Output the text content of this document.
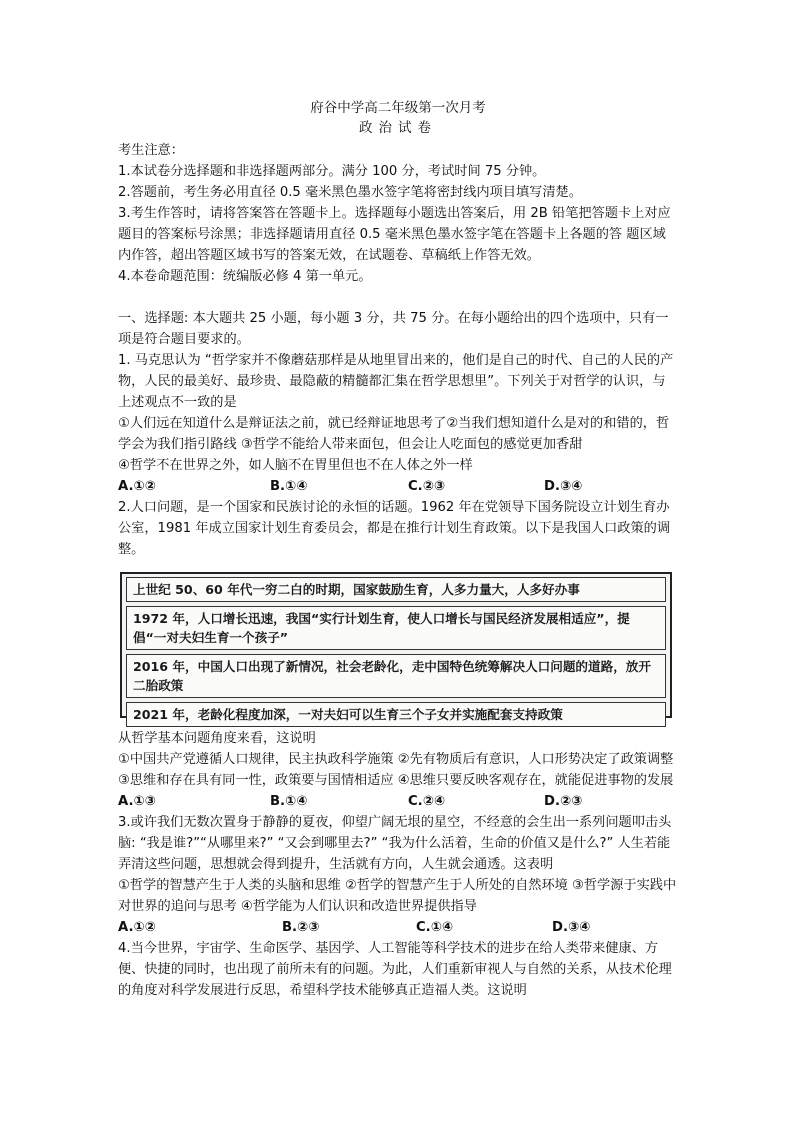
府谷中学高二年级第一次月考
政治试卷

考生注意：

1.本试卷分选择题和非选择题两部分。满分 100 分，考试时间 75 分钟。

2.答题前，考生务必用直径 0.5 毫米黑色墨水签字笔将密封线内项目填写清楚。

3.考生作答时，请将答案答在答题卡上。选择题每小题选出答案后，用 2B 铅笔把答题卡上对应题目的答案标号涂黑；非选择题请用直径 0.5 毫米黑色墨水签字笔在答题卡上各题的答 题区域内作答，超出答题区域书写的答案无效，在试题卷、草稿纸上作答无效。

4.本卷命题范围：统编版必修 4 第一单元。

一、选择题: 本大题共 25 小题，每小题 3 分，共 75 分。在每小题给出的四个选项中，只有一项是符合题目要求的。

1. 马克思认为 “哲学家并不像蘑菇那样是从地里冒出来的，他们是自己的时代、自己的人民的产物，人民的最美好、最珍贵、最隐蔽的精髓都汇集在哲学思想里”。下列关于对哲学的认识，与上述观点不一致的是

①人们远在知道什么是辩证法之前，就已经辩证地思考了②当我们想知道什么是对的和错的，哲学会为我们指引路线 ③哲学不能给人带来面包，但会让人吃面包的感觉更加香甜

④哲学不在世界之外，如人脑不在胃里但也不在人体之外一样

A.①②	B.①④	C.②③	D.③④

2.人口问题，是一个国家和民族讨论的永恒的话题。1962 年在党领导下国务院设立计划生育办公室，1981 年成立国家计划生育委员会，都是在推行计划生育政策。以下是我国人口政策的调整。

上世纪 50、60 年代一穷二白的时期，国家鼓励生育，人多力量大，人多好办事
1972 年，人口增长迅速，我国“实行计划生育，使人口增长与国民经济发展相适应”，提倡“一对夫妇生育一个孩子”
2016 年，中国人口出现了新情况，社会老龄化，走中国特色统筹解决人口问题的道路，放开二胎政策
2021 年，老龄化程度加深，一对夫妇可以生育三个子女并实施配套支持政策

从哲学基本问题角度来看，这说明

①中国共产党遵循人口规律，民主执政科学施策 ②先有物质后有意识，人口形势决定了政策调整 ③思维和存在具有同一性，政策要与国情相适应 ④思维只要反映客观存在，就能促进事物的发展

A.①③	B.①④	C.②④	D.②③

3.或许我们无数次置身于静静的夏夜，仰望广阔无垠的星空，不经意的会生出一系列问题叩击头脑: “我是谁?”“从哪里来?” “又会到哪里去?” “我为什么活着，生命的价值又是什么?” 人生若能弄清这些问题，思想就会得到提升，生活就有方向，人生就会通透。这表明

①哲学的智慧产生于人类的头脑和思维 ②哲学的智慧产生于人所处的自然环境 ③哲学源于实践中对世界的追问与思考 ④哲学能为人们认识和改造世界提供指导

A.①②	B.②③	C.①④	D.③④

4.当今世界，宇宙学、生命医学、基因学、人工智能等科学技术的进步在给人类带来健康、方便、快捷的同时，也出现了前所未有的问题。为此，人们重新审视人与自然的关系，从技术伦理的角度对科学发展进行反思，希望科学技术能够真正造福人类。这说明
